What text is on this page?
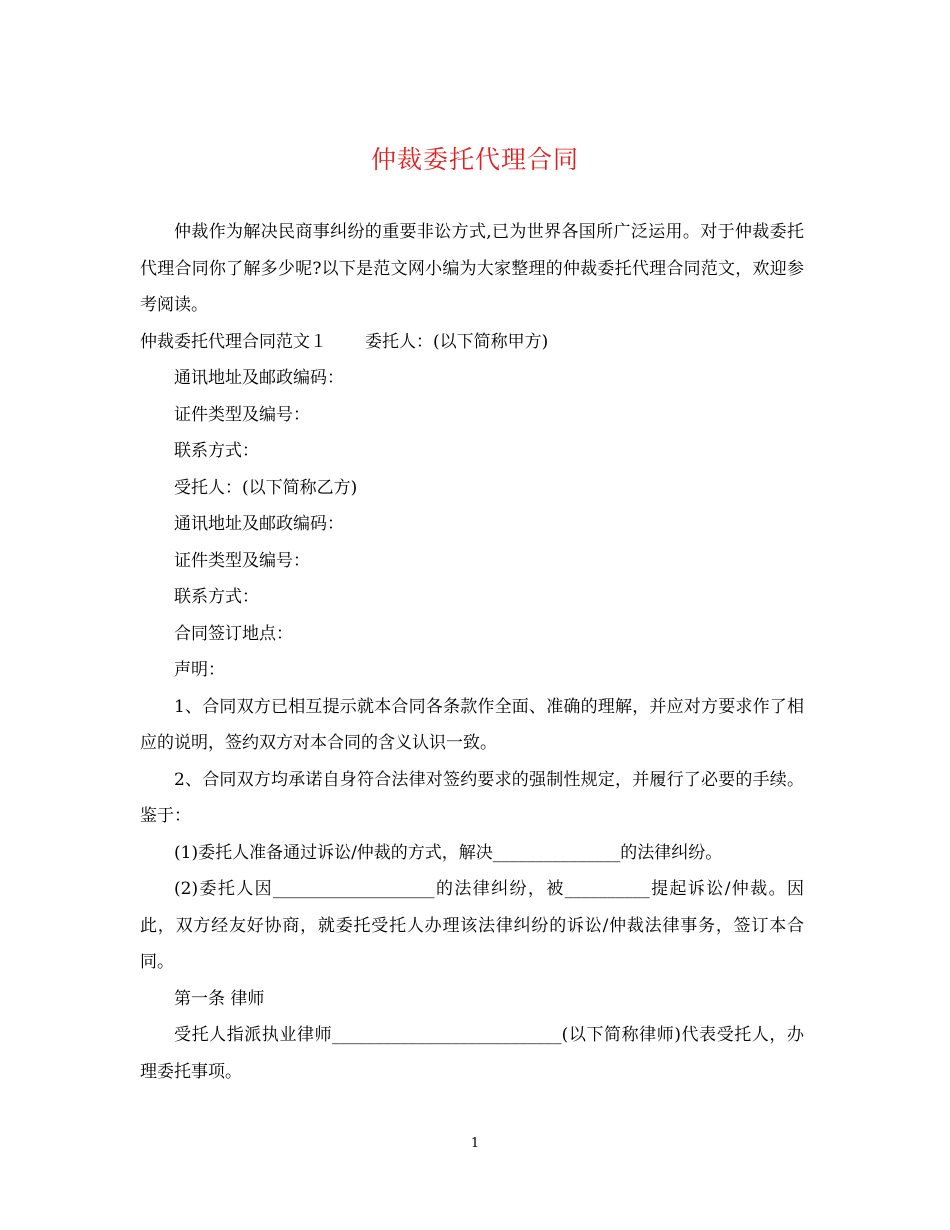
仲裁委托代理合同

仲裁作为解决民商事纠纷的重要非讼方式,已为世界各国所广泛运用。对于仲裁委托代理合同你了解多少呢?以下是范文网小编为大家整理的仲裁委托代理合同范文，欢迎参考阅读。

仲裁委托代理合同范文１ 委托人：(以下简称甲方)

通讯地址及邮政编码：

证件类型及编号：

联系方式：

受托人：(以下简称乙方)

通讯地址及邮政编码：

证件类型及编号：

联系方式：

合同签订地点：

声明：

1、合同双方已相互提示就本合同各条款作全面、准确的理解，并应对方要求作了相应的说明，签约双方对本合同的含义认识一致。

2、合同双方均承诺自身符合法律对签约要求的强制性规定，并履行了必要的手续。 鉴于：

(1)委托人准备通过诉讼/仲裁的方式，解决_______________的法律纠纷。

(2)委托人因___________________的法律纠纷，被__________提起诉讼/仲裁。因此，双方经友好协商，就委托受托人办理该法律纠纷的诉讼/仲裁法律事务，签订本合同。

第一条 律师

受托人指派执业律师___________________________(以下简称律师)代表受托人，办理委托事项。

1
